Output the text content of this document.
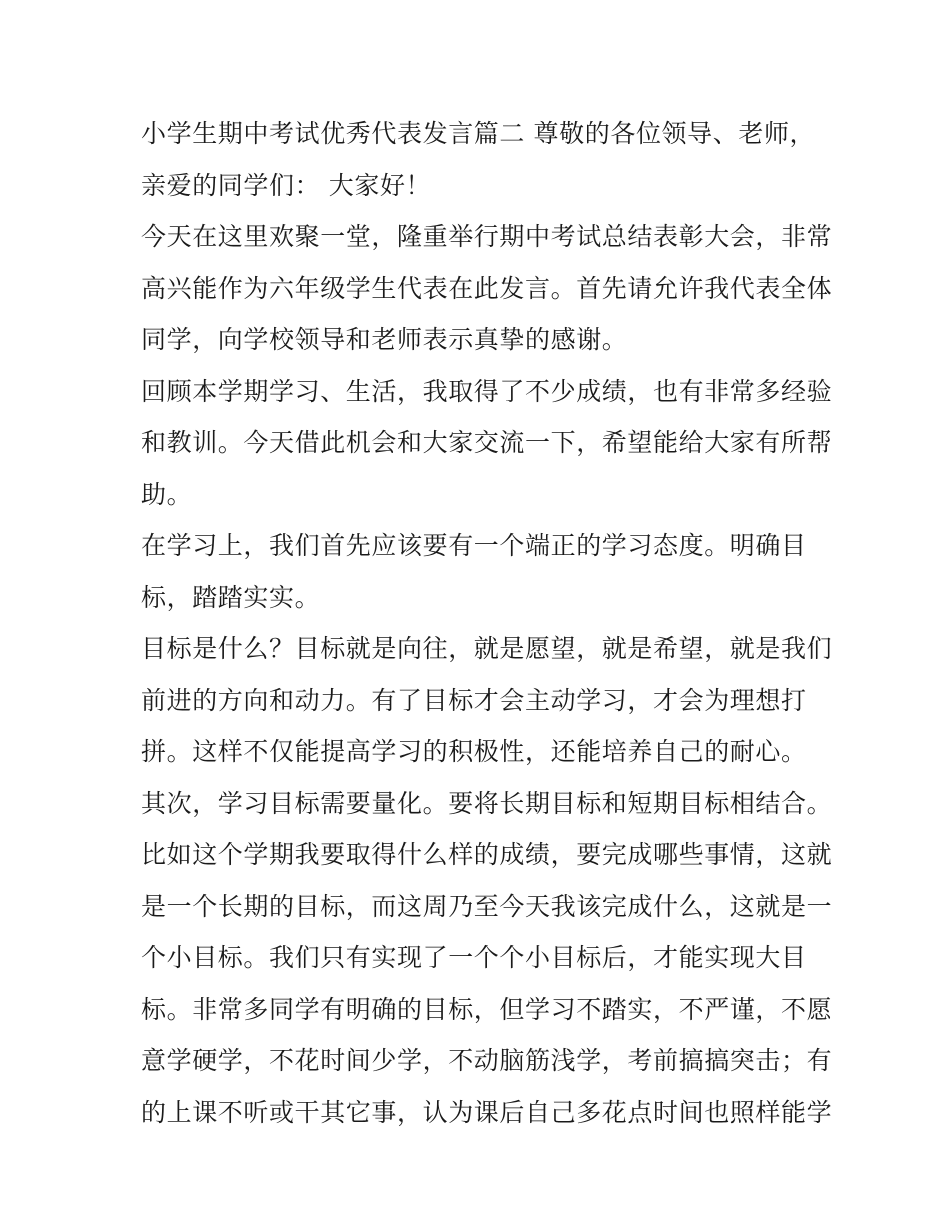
小学生期中考试优秀代表发言篇二 尊敬的各位领导、老师，
亲爱的同学们： 大家好！
今天在这里欢聚一堂，隆重举行期中考试总结表彰大会，非常
高兴能作为六年级学生代表在此发言。首先请允许我代表全体
同学，向学校领导和老师表示真挚的感谢。
回顾本学期学习、生活，我取得了不少成绩，也有非常多经验
和教训。今天借此机会和大家交流一下，希望能给大家有所帮
助。
在学习上，我们首先应该要有一个端正的学习态度。明确目
标，踏踏实实。
目标是什么？目标就是向往，就是愿望，就是希望，就是我们
前进的方向和动力。有了目标才会主动学习，才会为理想打
拼。这样不仅能提高学习的积极性，还能培养自己的耐心。
其次，学习目标需要量化。要将长期目标和短期目标相结合。
比如这个学期我要取得什么样的成绩，要完成哪些事情，这就
是一个长期的目标，而这周乃至今天我该完成什么，这就是一
个小目标。我们只有实现了一个个小目标后，才能实现大目
标。非常多同学有明确的目标，但学习不踏实，不严谨，不愿
意学硬学，不花时间少学，不动脑筋浅学，考前搞搞突击；有
的上课不听或干其它事，认为课后自己多花点时间也照样能学
